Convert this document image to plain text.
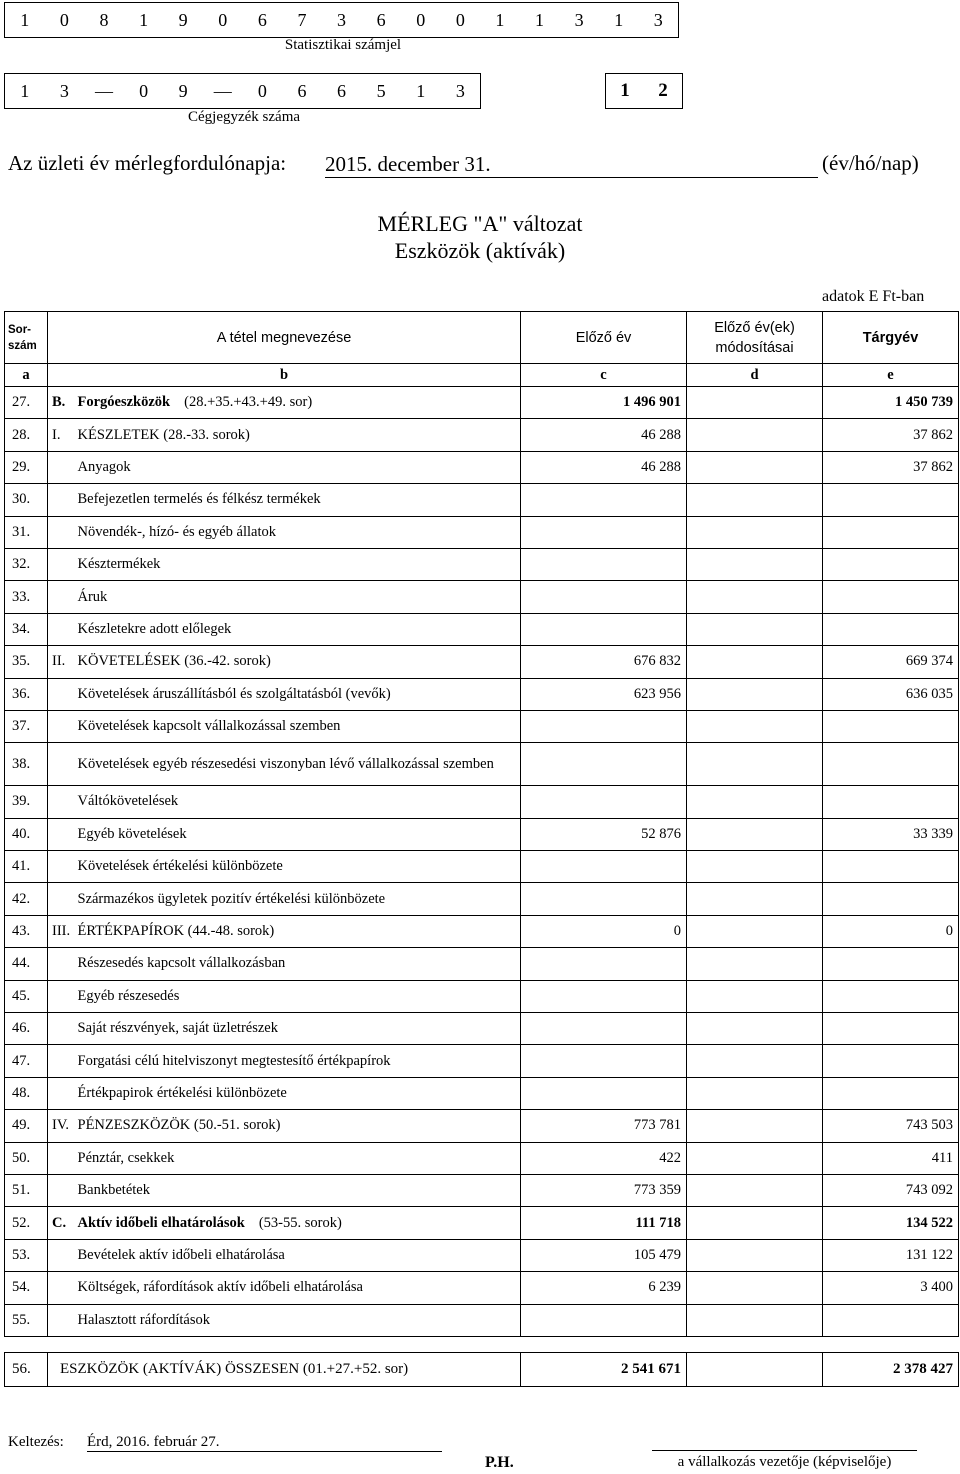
1	0	8	1	9	0	6	7	3	6	0	0	1	1	3	1	3
Statisztikai számjel
1	3	—	0	9	—	0	6	6	5	1	3	1	2
Cégjegyzék száma
Az üzleti év mérlegfordulónapja: 2015. december 31.	(év/hó/nap)
MÉRLEG "A" változat
Eszközök (aktívák)
adatok E Ft-ban
Sor-szám	A tétel megnevezése		Előző év	Előző év(ek) módosításai	Tárgyév
a	b		c	d	e
27.	B.	Forgóeszközök (28.+35.+43.+49. sor)	1 496 901		1 450 739
28.	I.	KÉSZLETEK (28.-33. sorok)	46 288		37 862
29.		Anyagok	46 288		37 862
30.		Befejezetlen termelés és félkész termékek			
31.		Növendék-, hízó- és egyéb állatok			
32.		Késztermékek			
33.		Áruk			
34.		Készletekre adott előlegek			
35.	II.	KÖVETELÉSEK (36.-42. sorok)	676 832		669 374
36.		Követelések áruszállításból és szolgáltatásból (vevők)	623 956		636 035
37.		Követelések kapcsolt vállalkozással szemben			
38.		Követelések egyéb részesedési viszonyban lévő vállalkozással szemben			
39.		Váltókövetelések			
40.		Egyéb követelések	52 876		33 339
41.		Követelések értékelési különbözete			
42.		Származékos ügyletek pozitív értékelési különbözete			
43.	III.	ÉRTÉKPAPÍROK (44.-48. sorok)	0		0
44.		Részesedés kapcsolt vállalkozásban			
45.		Egyéb részesedés			
46.		Saját részvények, saját üzletrészek			
47.		Forgatási célú hitelviszonyt megtestesítő értékpapírok			
48.		Értékpapirok értékelési különbözete			
49.	IV.	PÉNZESZKÖZÖK (50.-51. sorok)	773 781		743 503
50.		Pénztár, csekkek	422		411
51.		Bankbetétek	773 359		743 092
52.	C.	Aktív időbeli elhatárolások (53-55. sorok)	111 718		134 522
53.		Bevételek aktív időbeli elhatárolása	105 479		131 122
54.		Költségek, ráfordítások aktív időbeli elhatárolása	6 239		3 400
55.		Halasztott ráfordítások			
56.	ESZKÖZÖK (AKTÍVÁK) ÖSSZESEN (01.+27.+52. sor)	2 541 671		2 378 427
Keltezés: Érd, 2016. február 27.
P.H.	a vállalkozás vezetője (képviselője)
